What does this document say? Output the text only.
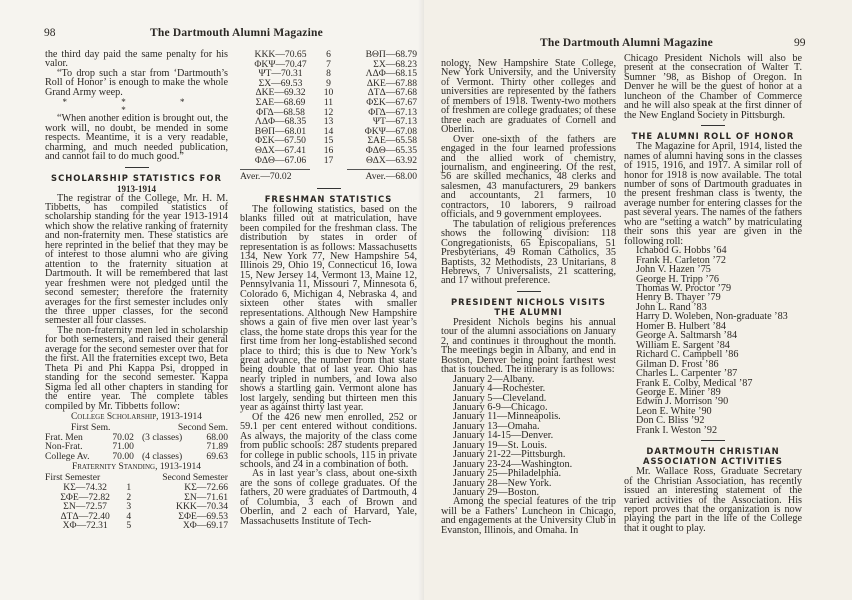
98	The Dartmouth Alumni Magazine

the third day paid the same penalty for his valor.

“To drop such a star from ‘Dartmouth’s Roll of Honor’ is enough to make the whole Grand Army weep.

* * * *

“When another edition is brought out, the work will, no doubt, be mended in some respects. Meantime, it is a very readable, charming, and much needed publication, and cannot fail to do much good.”

SCHOLARSHIP STATISTICS FOR
1913-1914

The registrar of the College, Mr. H. M. Tibbetts, has compiled statistics of scholarship standing for the year 1913-1914 which show the relative ranking of fraternity and non-fraternity men. These statistics are here reprinted in the belief that they may be of interest to those alumni who are giving attention to the fraternity situation at Dartmouth. It will be remembered that last year freshmen were not pledged until the second semester; therefore the fraternity averages for the first semester includes only the three upper classes, for the second semester all four classes.

The non-fraternity men led in scholarship for both semesters, and raised their general average for the second semester over that for the first. All the fraternities except two, Beta Theta Pi and Phi Kappa Psi, dropped in standing for the second semester. Kappa Sigma led all other chapters in standing for the entire year. The complete tables compiled by Mr. Tibbetts follow:

College Scholarship, 1913-1914
First Sem.		Second Sem.	
Frat. Men	70.02	(3 classes)	68.00
Non-Frat.	71.00		71.89
College Av.	70.00	(4 classes)	69.63
Fraternity Standing, 1913-1914
First Semester		Second Semester
KΣ—74.32	1	KΣ—72.66
ΣΦE—72.82	2	ΣN—71.61
ΣN—72.57	3	KKK—70.34
ΔTΔ—72.40	4	ΣΦE—69.53
XΦ—72.31	5	XΦ—69.17
KKK—70.65	6	BΘΠ—68.79
ΦKΨ—70.47	7	ΣX—68.23
ΨT—70.31	8	ΛΔΦ—68.15
ΣX—69.53	9	ΔKE—67.88
ΔKE—69.32	10	ΔTΔ—67.68
ΣAE—68.69	11	ΦΣK—67.67
ΦΓΔ—68.58	12	ΦΓΔ—67.13
ΛΔΦ—68.35	13	ΨT—67.13
BΘΠ—68.01	14	ΦKΨ—67.08
ΦΣK—67.50	15	ΣAE—65.58
ΘΔX—67.41	16	ΦΔΘ—65.35
ΦΔΘ—67.06	17	ΘΔX—63.92
Aver.—70.02	Aver.—68.00
FRESHMAN STATISTICS

The following statistics, based on the blanks filled out at matriculation, have been compiled for the freshman class. The distribution by states in order of representation is as follows: Massachusetts 134, New York 77, New Hampshire 54, Illinois 29, Ohio 19, Connecticut 16, Iowa 15, New Jersey 14, Vermont 13, Maine 12, Pennsylvania 11, Missouri 7, Minnesota 6, Colorado 6, Michigan 4, Nebraska 4, and sixteen other states with smaller representations. Although New Hampshire shows a gain of five men over last year’s class, the home state drops this year for the first time from her long-established second place to third; this is due to New York’s great advance, the number from that state being double that of last year. Ohio has nearly tripled in numbers, and Iowa also shows a startling gain. Vermont alone has lost largely, sending but thirteen men this year as against thirty last year.

Of the 426 new men enrolled, 252 or 59.1 per cent entered without conditions. As always, the majority of the class come from public schools: 287 students prepared for college in public schools, 115 in private schools, and 24 in a combination of both.

As in last year’s class, about one-sixth are the sons of college graduates. Of the fathers, 20 were graduates of Dartmouth, 4 of Columbia, 3 each of Brown and Oberlin, and 2 each of Harvard, Yale, Massachusetts Institute of Tech-

The Dartmouth Alumni Magazine	99

nology, New Hampshire State College, New York University, and the University of Vermont. Thirty other colleges and universities are represented by the fathers of members of 1918. Twenty-two mothers of freshmen are college graduates; of these three each are graduates of Cornell and Oberlin.

Over one-sixth of the fathers are engaged in the four learned professions and the allied work of chemistry, journalism, and engineering. Of the rest, 56 are skilled mechanics, 48 clerks and salesmen, 43 manufacturers, 29 bankers and accountants, 21 farmers, 10 contractors, 10 laborers, 9 railroad officials, and 9 government employees.

The tabulation of religious preferences shows the following division: 118 Congregationists, 65 Episcopalians, 51 Presbyterians, 49 Roman Catholics, 35 Baptists, 32 Methodists, 23 Unitarians, 8 Hebrews, 7 Universalists, 21 scattering, and 17 without preference.

PRESIDENT NICHOLS VISITS THE ALUMNI

President Nichols begins his annual tour of the alumni associations on January 2, and continues it throughout the month. The meetings begin in Albany, and end in Boston, Denver being point farthest west that is touched. The itinerary is as follows:

January 2—Albany.
January 4—Rochester.
January 5—Cleveland.
January 6-9—Chicago.
January 11—Minneapolis.
January 13—Omaha.
January 14-15—Denver.
January 19—St. Louis.
January 21-22—Pittsburgh.
January 23-24—Washington.
January 25—Philadelphia.
January 28—New York.
January 29—Boston.

Among the special features of the trip will be a Fathers’ Luncheon in Chicago, and engagements at the University Club in Evanston, Illinois, and Omaha. In

Chicago President Nichols will also be present at the consecration of Walter T. Sumner ’98, as Bishop of Oregon. In Denver he will be the guest of honor at a luncheon of the Chamber of Commerce and he will also speak at the first dinner of the New England Society in Pittsburgh.

THE ALUMNI ROLL OF HONOR

The Magazine for April, 1914, listed the names of alumni having sons in the classes of 1915, 1916, and 1917. A similar roll of honor for 1918 is now available. The total number of sons of Dartmouth graduates in the present freshman class is twenty, the average number for entering classes for the past several years. The names of the fathers who are “setting a watch” by matriculating their sons this year are given in the following roll:

Ichabod G. Hobbs ’64
Frank H. Carleton ’72
John V. Hazen ’75
George H. Tripp ’76
Thomas W. Proctor ’79
Henry B. Thayer ’79
John L. Rand ’83
Harry D. Woleben, Non-graduate ’83
Homer B. Hulbert ’84
George A. Saltmarsh ’84
William E. Sargent ’84
Richard C. Campbell ’86
Gilman D. Frost ’86
Charles L. Carpenter ’87
Frank E. Colby, Medical ’87
George E. Miner ’89
Edwin J. Morrison ’90
Leon E. White ’90
Don C. Bliss ’92
Frank I. Weston ’92
DARTMOUTH CHRISTIAN ASSOCIATION ACTIVITIES

Mr. Wallace Ross, Graduate Secretary of the Christian Association, has recently issued an interesting statement of the varied activities of the Association. His report proves that the organization is now playing the part in the life of the College that it ought to play.
